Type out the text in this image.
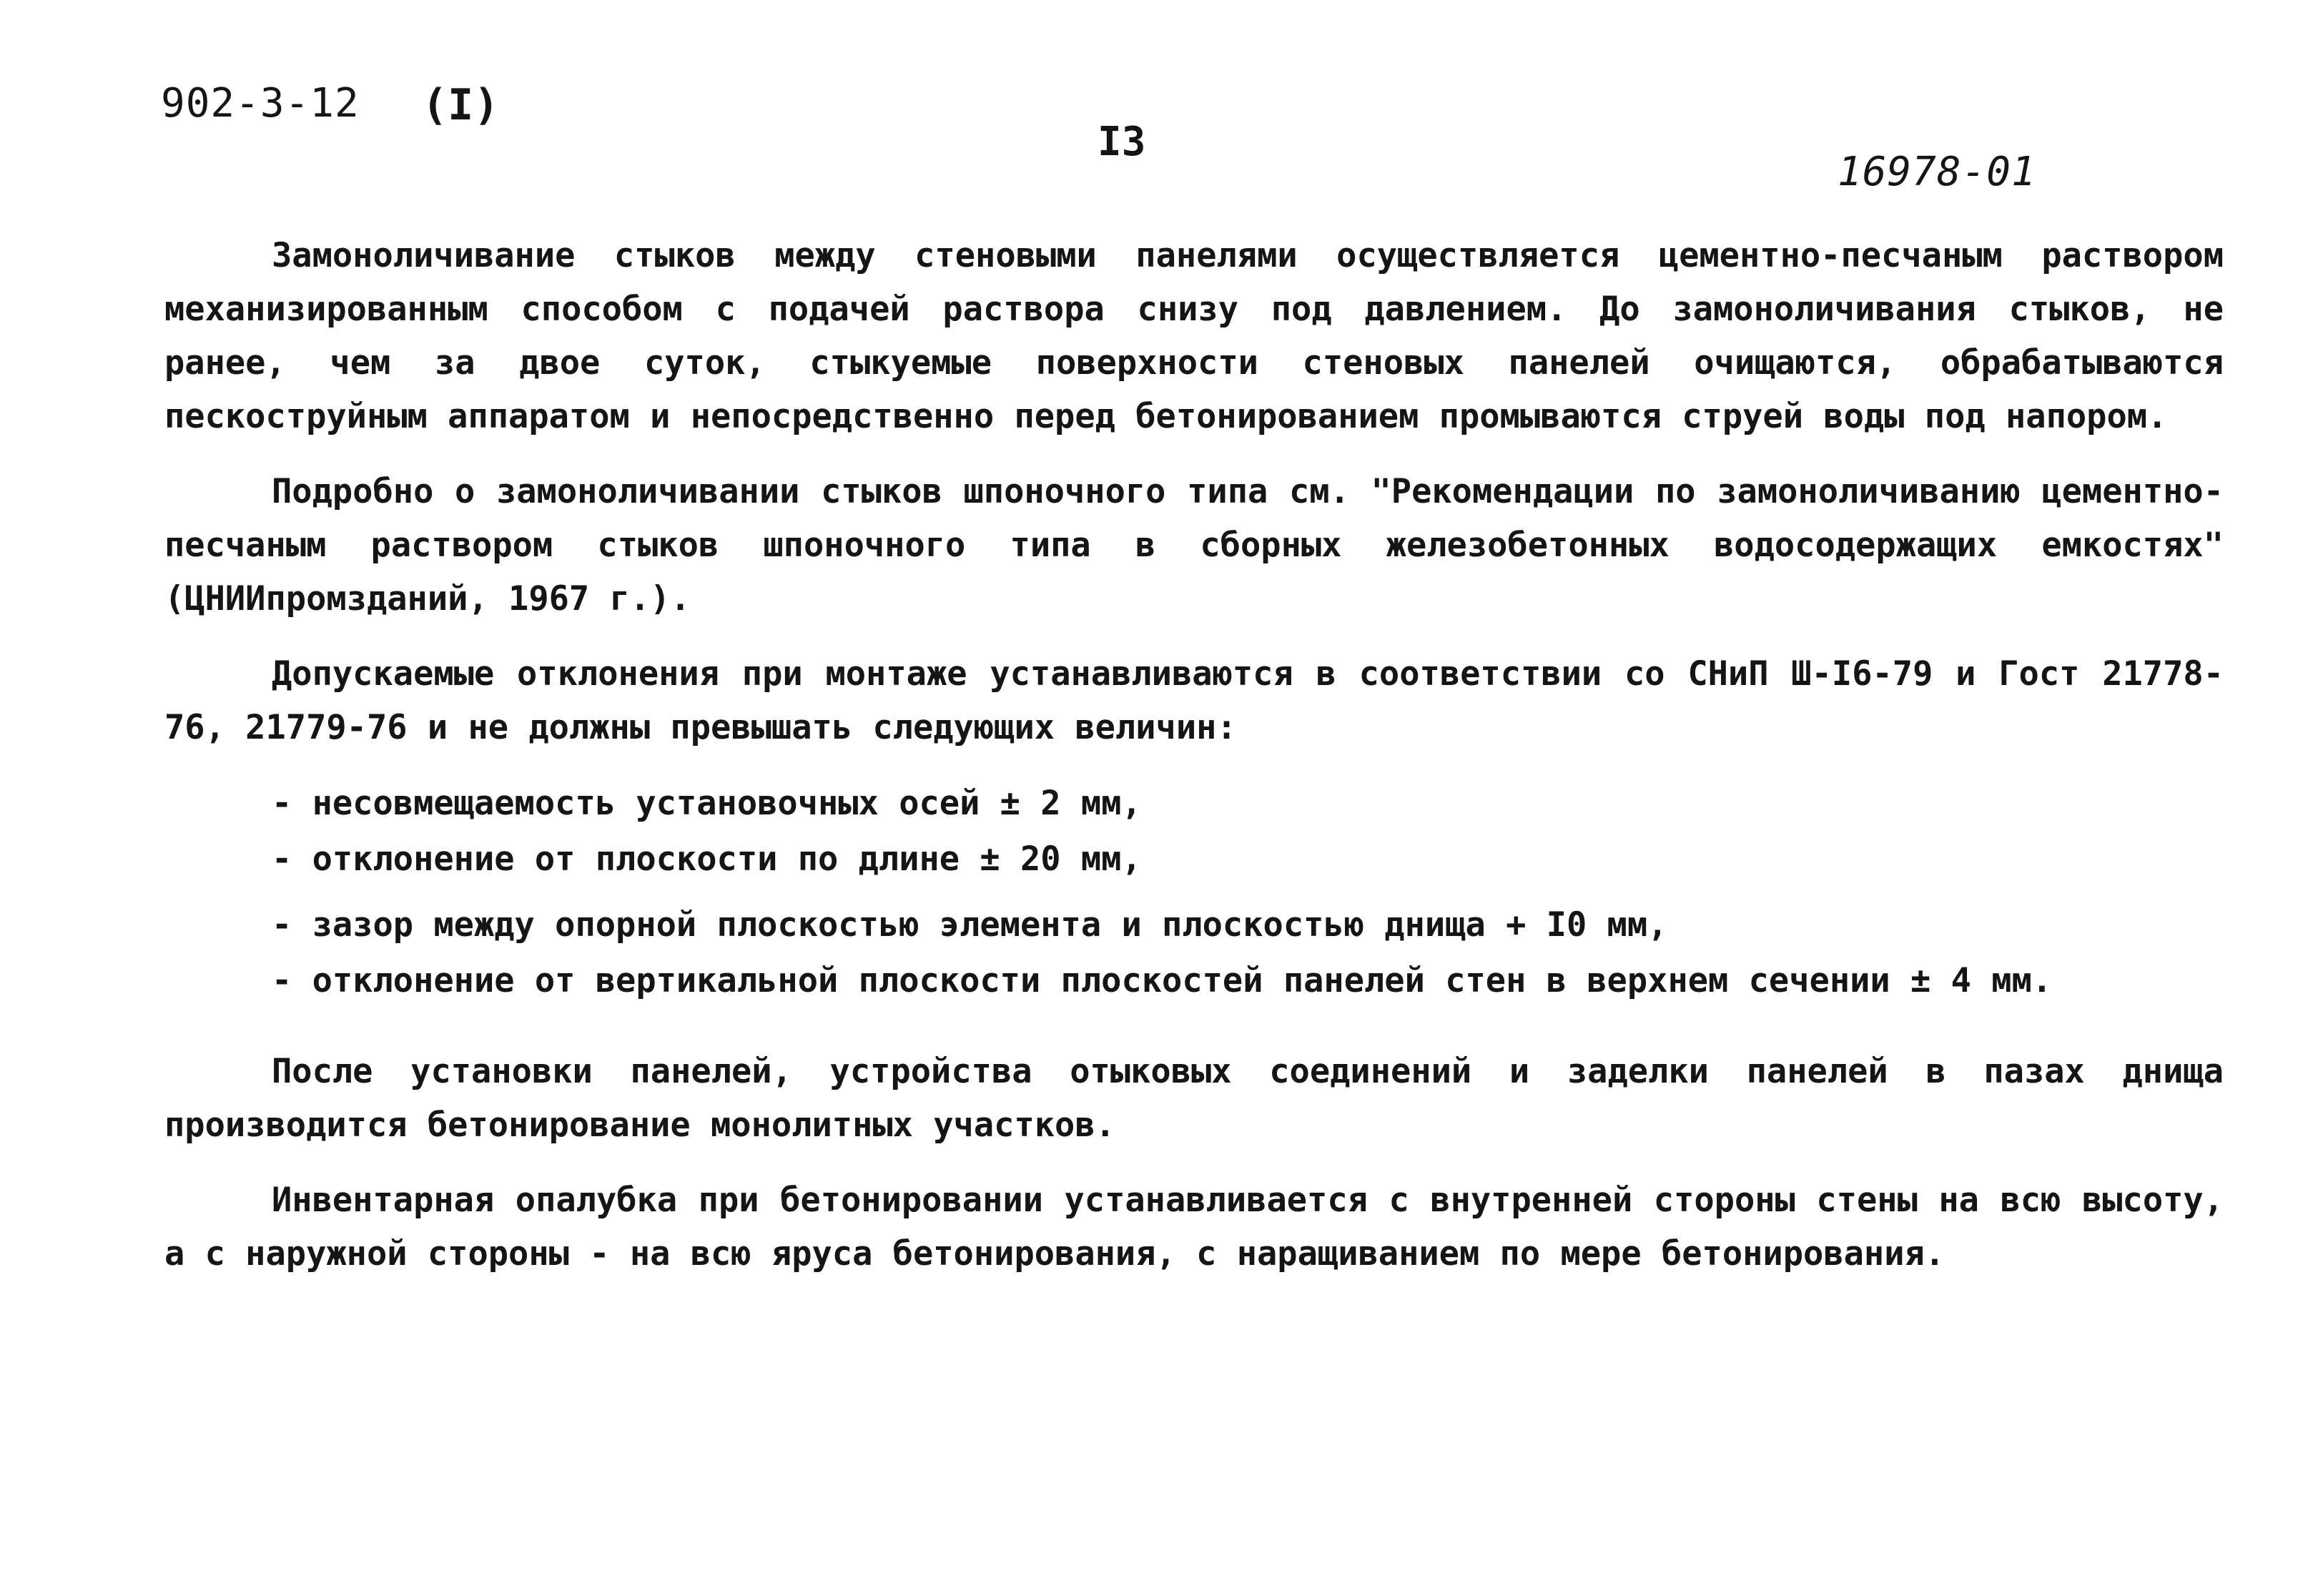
902-3-12 (I)
I3
16978-01

Замоноличивание стыков между стеновыми панелями осуществляется цементно-песчаным раствором механизированным способом с подачей раствора снизу под давлением. До замоноличивания стыков, не ранее, чем за двое суток, стыкуемые поверхности стеновых панелей очищаются, обрабатываются пескоструйным аппаратом и непосредственно перед бетонированием промываются струей воды под напором.

Подробно о замоноличивании стыков шпоночного типа см. "Рекомендации по замоноличиванию цементно-песчаным раствором стыков шпоночного типа в сборных железобетонных водосодержащих емкостях" (ЦНИИпромзданий, 1967 г.).

Допускаемые отклонения при монтаже устанавливаются в соответствии со СНиП Ш-I6-79 и Гост 21778-76, 21779-76 и не должны превышать следующих величин:

- несовмещаемость установочных осей ± 2 мм,
- отклонение от плоскости по длине ± 20 мм,
- зазор между опорной плоскостью элемента и плоскостью днища + I0 мм,
- отклонение от вертикальной плоскости плоскостей панелей стен в верхнем сечении ± 4 мм.

После установки панелей, устройства отыковых соединений и заделки панелей в пазах днища производится бетонирование монолитных участков.

Инвентарная опалубка при бетонировании устанавливается с внутренней стороны стены на всю высоту, а с наружной стороны - на всю яруса бетонирования, с наращиванием по мере бетонирования.
